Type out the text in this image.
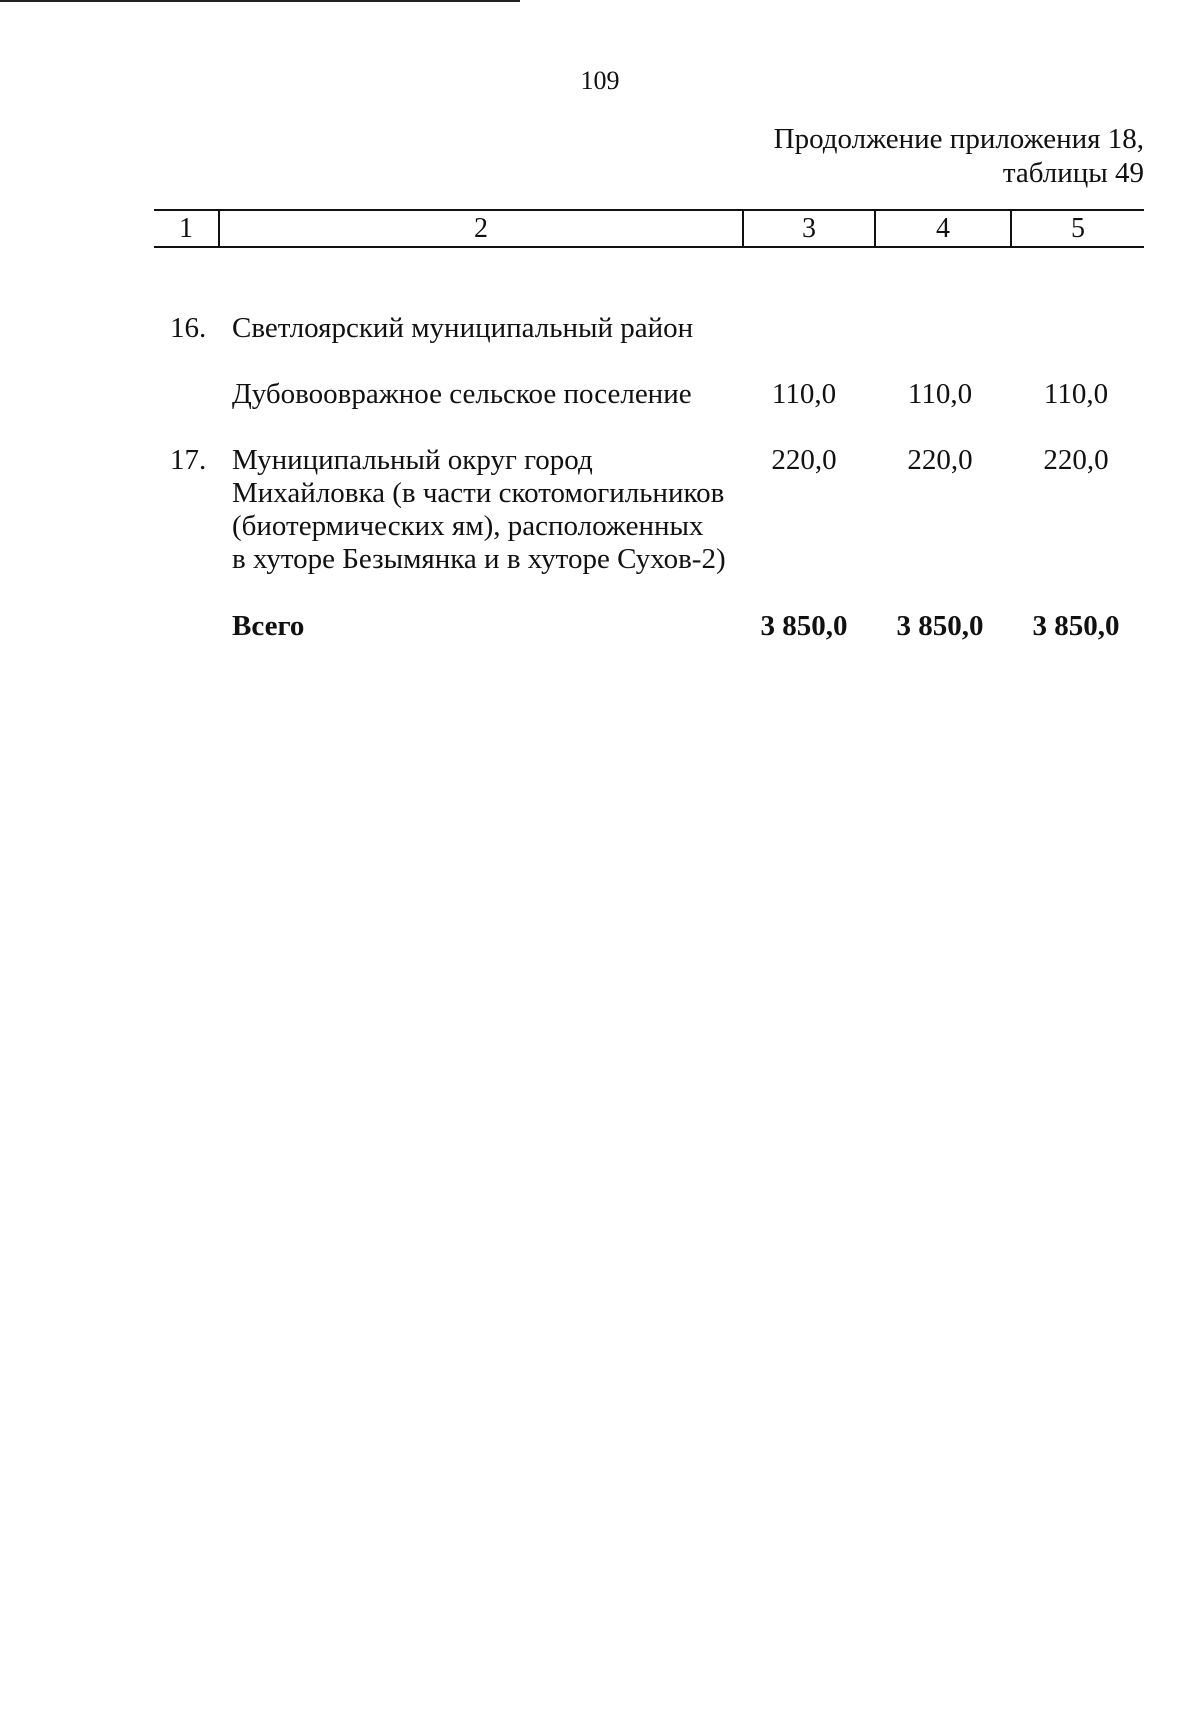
109
Продолжение приложения 18,
таблицы 49
1	2	3	4	5
16. Светлоярский муниципальный район
Дубовоовражное сельское поселение	110,0	110,0	110,0
17. Муниципальный округ город
Михайловка (в части скотомогильников
(биотермических ям), расположенных
в хуторе Безымянка и в хуторе Сухов-2)
220,0	220,0	220,0
Всего	3 850,0	3 850,0	3 850,0
